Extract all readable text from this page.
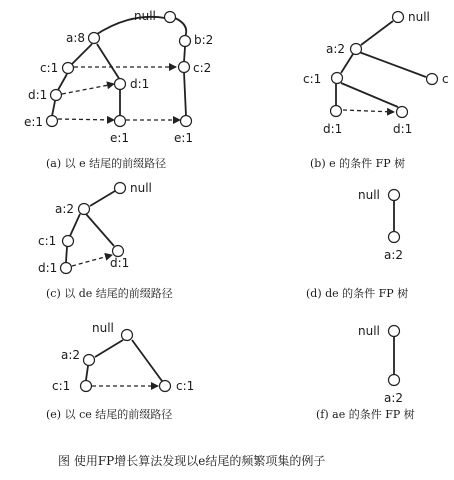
null
a:8	b:2
c:1	c:2
d:1
d:1
e:1
e:1	e:1
(a) 以 e 结尾的前缀路径
null
a:2
c:1	c
d:1	d:1
(b) e 的条件 FP 树
null
a:2
c:1
d:1	d:1
(c) 以 de 结尾的前缀路径
null
a:2
(d) de 的条件 FP 树
null
a:2
c:1	c:1
(e) 以 ce 结尾的前缀路径
null
a:2
(f) ae 的条件 FP 树
图 使用FP增长算法发现以e结尾的频繁项集的例子
